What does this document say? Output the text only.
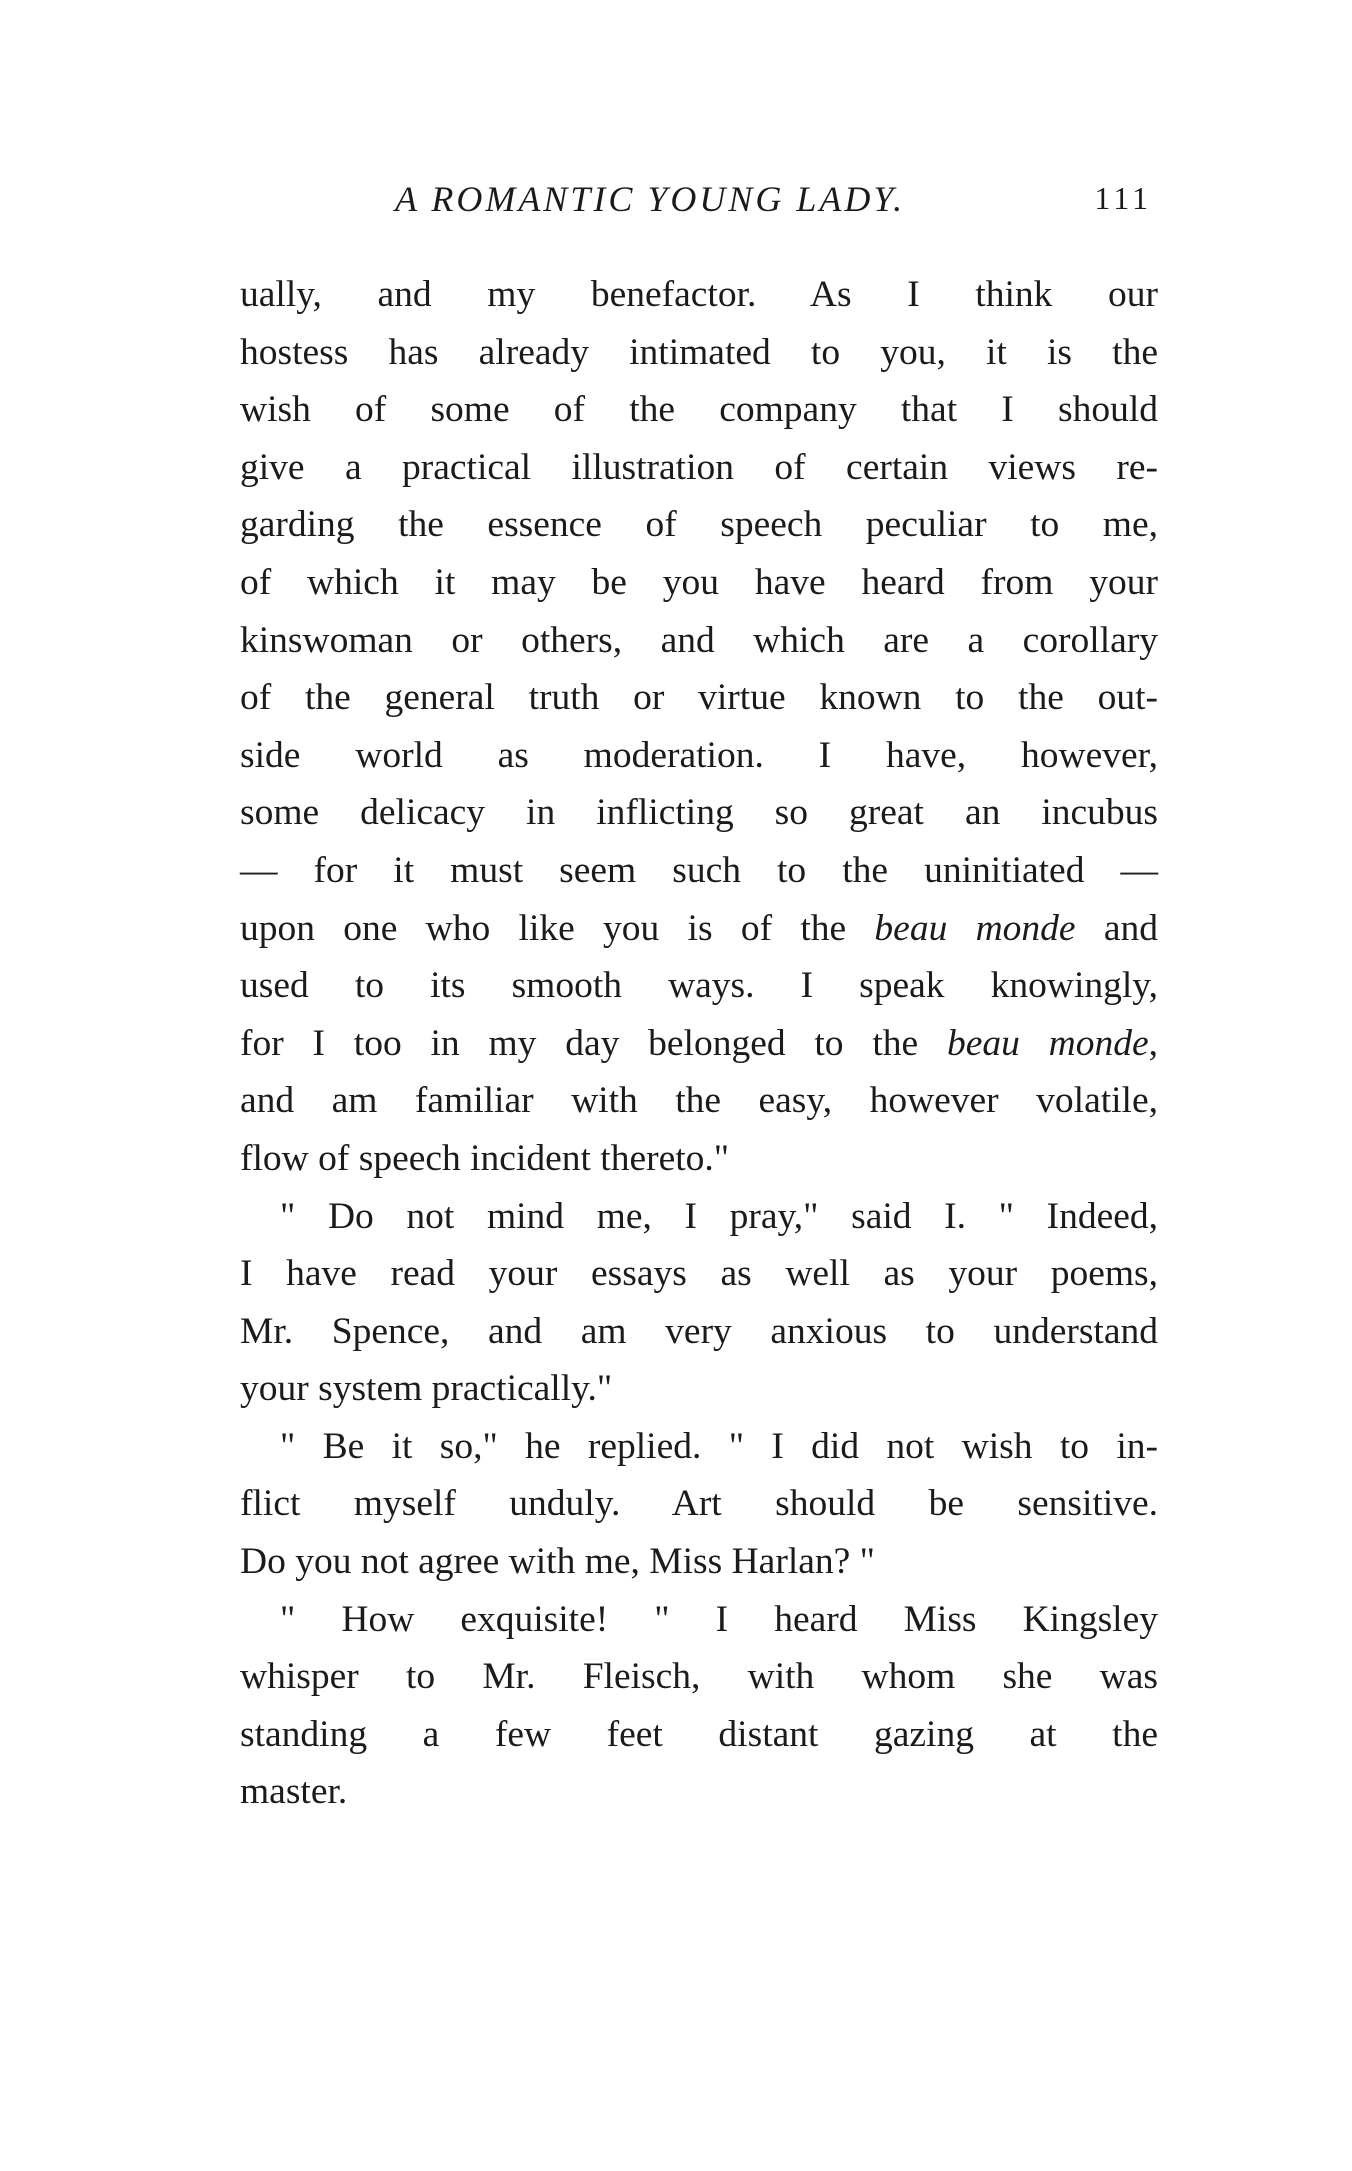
A ROMANTIC YOUNG LADY.	111
ually, and my benefactor. As I think our
hostess has already intimated to you, it is the
wish of some of the company that I should
give a practical illustration of certain views re-
garding the essence of speech peculiar to me,
of which it may be you have heard from your
kinswoman or others, and which are a corollary
of the general truth or virtue known to the out-
side world as moderation. I have, however,
some delicacy in inflicting so great an incubus
— for it must seem such to the uninitiated —
upon one who like you is of the beau monde and
used to its smooth ways. I speak knowingly,
for I too in my day belonged to the beau monde,
and am familiar with the easy, however volatile,
flow of speech incident thereto."
" Do not mind me, I pray," said I. " Indeed,
I have read your essays as well as your poems,
Mr. Spence, and am very anxious to understand
your system practically."
" Be it so," he replied. " I did not wish to in-
flict myself unduly. Art should be sensitive.
Do you not agree with me, Miss Harlan? "
" How exquisite! " I heard Miss Kingsley
whisper to Mr. Fleisch, with whom she was
standing a few feet distant gazing at the
master.
